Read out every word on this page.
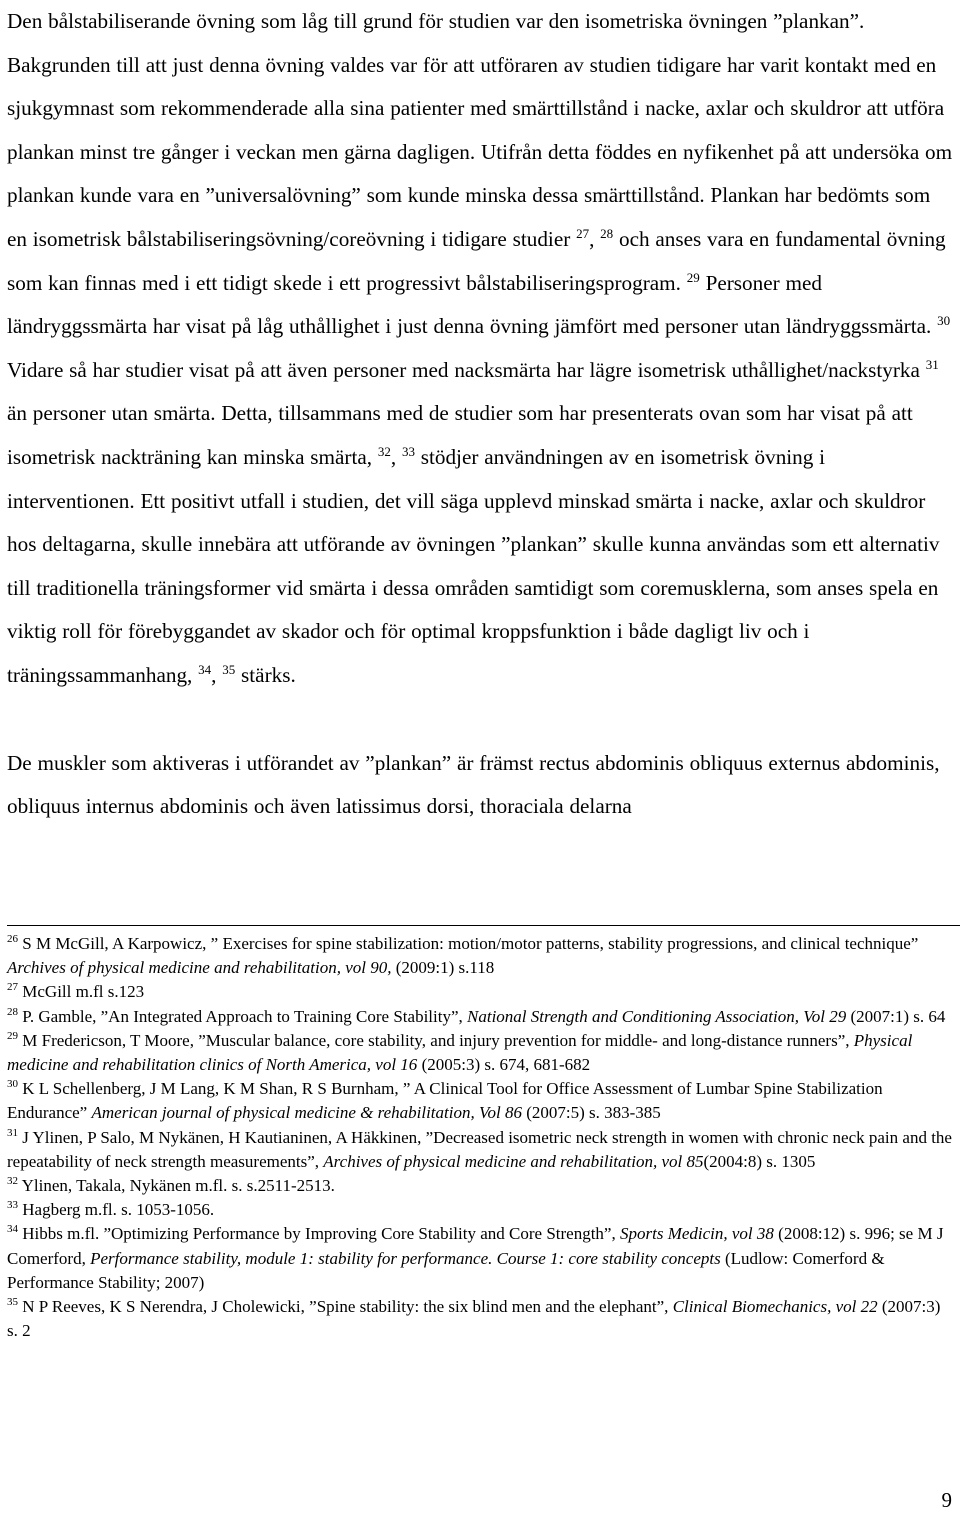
Den bålstabiliserande övning som låg till grund för studien var den isometriska övningen ”plankan”. Bakgrunden till att just denna övning valdes var för att utföraren av studien tidigare har varit kontakt med en sjukgymnast som rekommenderade alla sina patienter med smärttillstånd i nacke, axlar och skuldror att utföra plankan minst tre gånger i veckan men gärna dagligen. Utifrån detta föddes en nyfikenhet på att undersöka om plankan kunde vara en ”universalövning” som kunde minska dessa smärttillstånd. Plankan har bedömts som en isometrisk bålstabiliseringsövning/coreövning i tidigare studier $^{27}$, $^{28}$ och anses vara en fundamental övning som kan finnas med i ett tidigt skede i ett progressivt bålstabiliseringsprogram. $^{29}$ Personer med ländryggssmärta har visat på låg uthållighet i just denna övning jämfört med personer utan ländryggssmärta. $^{30}$ Vidare så har studier visat på att även personer med nacksmärta har lägre isometrisk uthållighet/nackstyrka $^{31}$ än personer utan smärta. Detta, tillsammans med de studier som har presenterats ovan som har visat på att isometrisk nackträning kan minska smärta, $^{32}$, $^{33}$ stödjer användningen av en isometrisk övning i interventionen. Ett positivt utfall i studien, det vill säga upplevd minskad smärta i nacke, axlar och skuldror hos deltagarna, skulle innebära att utförande av övningen ”plankan” skulle kunna användas som ett alternativ till traditionella träningsformer vid smärta i dessa områden samtidigt som coremusklerna, som anses spela en viktig roll för förebyggandet av skador och för optimal kroppsfunktion i både dagligt liv och i träningssammanhang, $^{34}$, $^{35}$ stärks.

De muskler som aktiveras i utförandet av ”plankan” är främst rectus abdominis obliquus externus abdominis, obliquus internus abdominis och även latissimus dorsi, thoraciala delarna

$^{26}$ S M McGill, A Karpowicz, ” Exercises for spine stabilization: motion/motor patterns, stability progressions, and clinical technique” Archives of physical medicine and rehabilitation, vol 90, (2009:1) s.118

$^{27}$ McGill m.fl s.123

$^{28}$ P. Gamble, ”An Integrated Approach to Training Core Stability”, National Strength and Conditioning Association, Vol 29 (2007:1) s. 64

$^{29}$ M Fredericson, T Moore, ”Muscular balance, core stability, and injury prevention for middle- and long-distance runners”, Physical medicine and rehabilitation clinics of North America, vol 16 (2005:3) s. 674, 681-682

$^{30}$ K L Schellenberg, J M Lang, K M Shan, R S Burnham, ” A Clinical Tool for Office Assessment of Lumbar Spine Stabilization Endurance” American journal of physical medicine & rehabilitation, Vol 86 (2007:5) s. 383-385

$^{31}$ J Ylinen, P Salo, M Nykänen, H Kautianinen, A Häkkinen, ”Decreased isometric neck strength in women with chronic neck pain and the repeatability of neck strength measurements”, Archives of physical medicine and rehabilitation, vol 85(2004:8) s. 1305

$^{32}$ Ylinen, Takala, Nykänen m.fl. s. s.2511-2513.

$^{33}$ Hagberg m.fl. s. 1053-1056.

$^{34}$ Hibbs m.fl. ”Optimizing Performance by Improving Core Stability and Core Strength”, Sports Medicin, vol 38 (2008:12) s. 996; se M J Comerford, Performance stability, module 1: stability for performance. Course 1: core stability concepts (Ludlow: Comerford & Performance Stability; 2007)

$^{35}$ N P Reeves, K S Nerendra, J Cholewicki, ”Spine stability: the six blind men and the elephant”, Clinical Biomechanics, vol 22 (2007:3) s. 2

9
